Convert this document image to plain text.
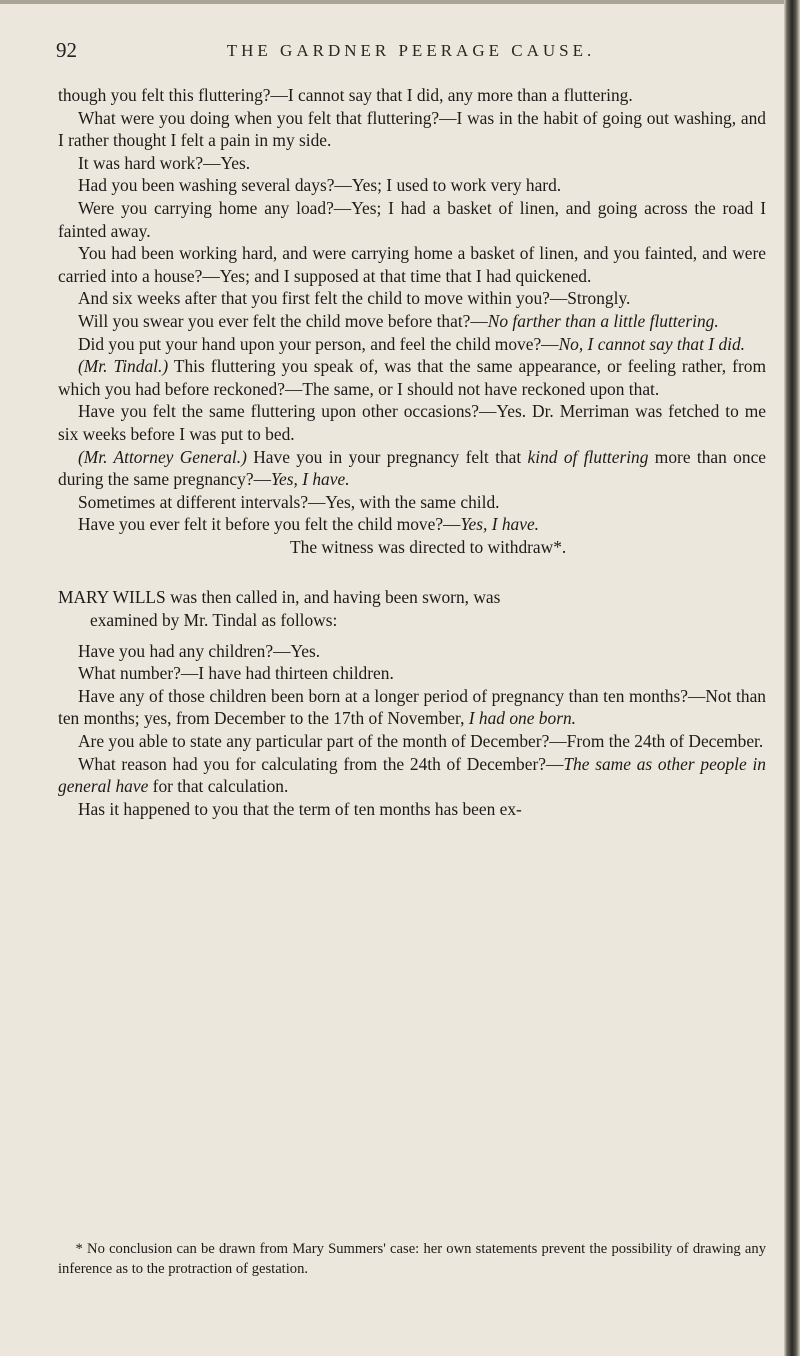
92	THE GARDNER PEERAGE CAUSE.

though you felt this fluttering?—I cannot say that I did, any more than a fluttering.

What were you doing when you felt that fluttering?—I was in the habit of going out washing, and I rather thought I felt a pain in my side.

It was hard work?—Yes.

Had you been washing several days?—Yes; I used to work very hard.

Were you carrying home any load?—Yes; I had a basket of linen, and going across the road I fainted away.

You had been working hard, and were carrying home a basket of linen, and you fainted, and were carried into a house?—Yes; and I supposed at that time that I had quickened.

And six weeks after that you first felt the child to move within you?—Strongly.

Will you swear you ever felt the child move before that?—No farther than a little fluttering.

Did you put your hand upon your person, and feel the child move?—No, I cannot say that I did.

(Mr. Tindal.) This fluttering you speak of, was that the same appearance, or feeling rather, from which you had before reckoned?—The same, or I should not have reckoned upon that.

Have you felt the same fluttering upon other occasions?—Yes. Dr. Merriman was fetched to me six weeks before I was put to bed.

(Mr. Attorney General.) Have you in your pregnancy felt that kind of fluttering more than once during the same pregnancy?—Yes, I have.

Sometimes at different intervals?—Yes, with the same child.

Have you ever felt it before you felt the child move?—Yes, I have.

The witness was directed to withdraw*.

MARY WILLS was then called in, and having been sworn, was
examined by Mr. Tindal as follows:

Have you had any children?—Yes.

What number?—I have had thirteen children.

Have any of those children been born at a longer period of pregnancy than ten months?—Not than ten months; yes, from December to the 17th of November, I had one born.

Are you able to state any particular part of the month of December?—From the 24th of December.

What reason had you for calculating from the 24th of December?—The same as other people in general have for that calculation.

Has it happened to you that the term of ten months has been ex-

* No conclusion can be drawn from Mary Summers' case: her own statements prevent the possibility of drawing any inference as to the protraction of gestation.
